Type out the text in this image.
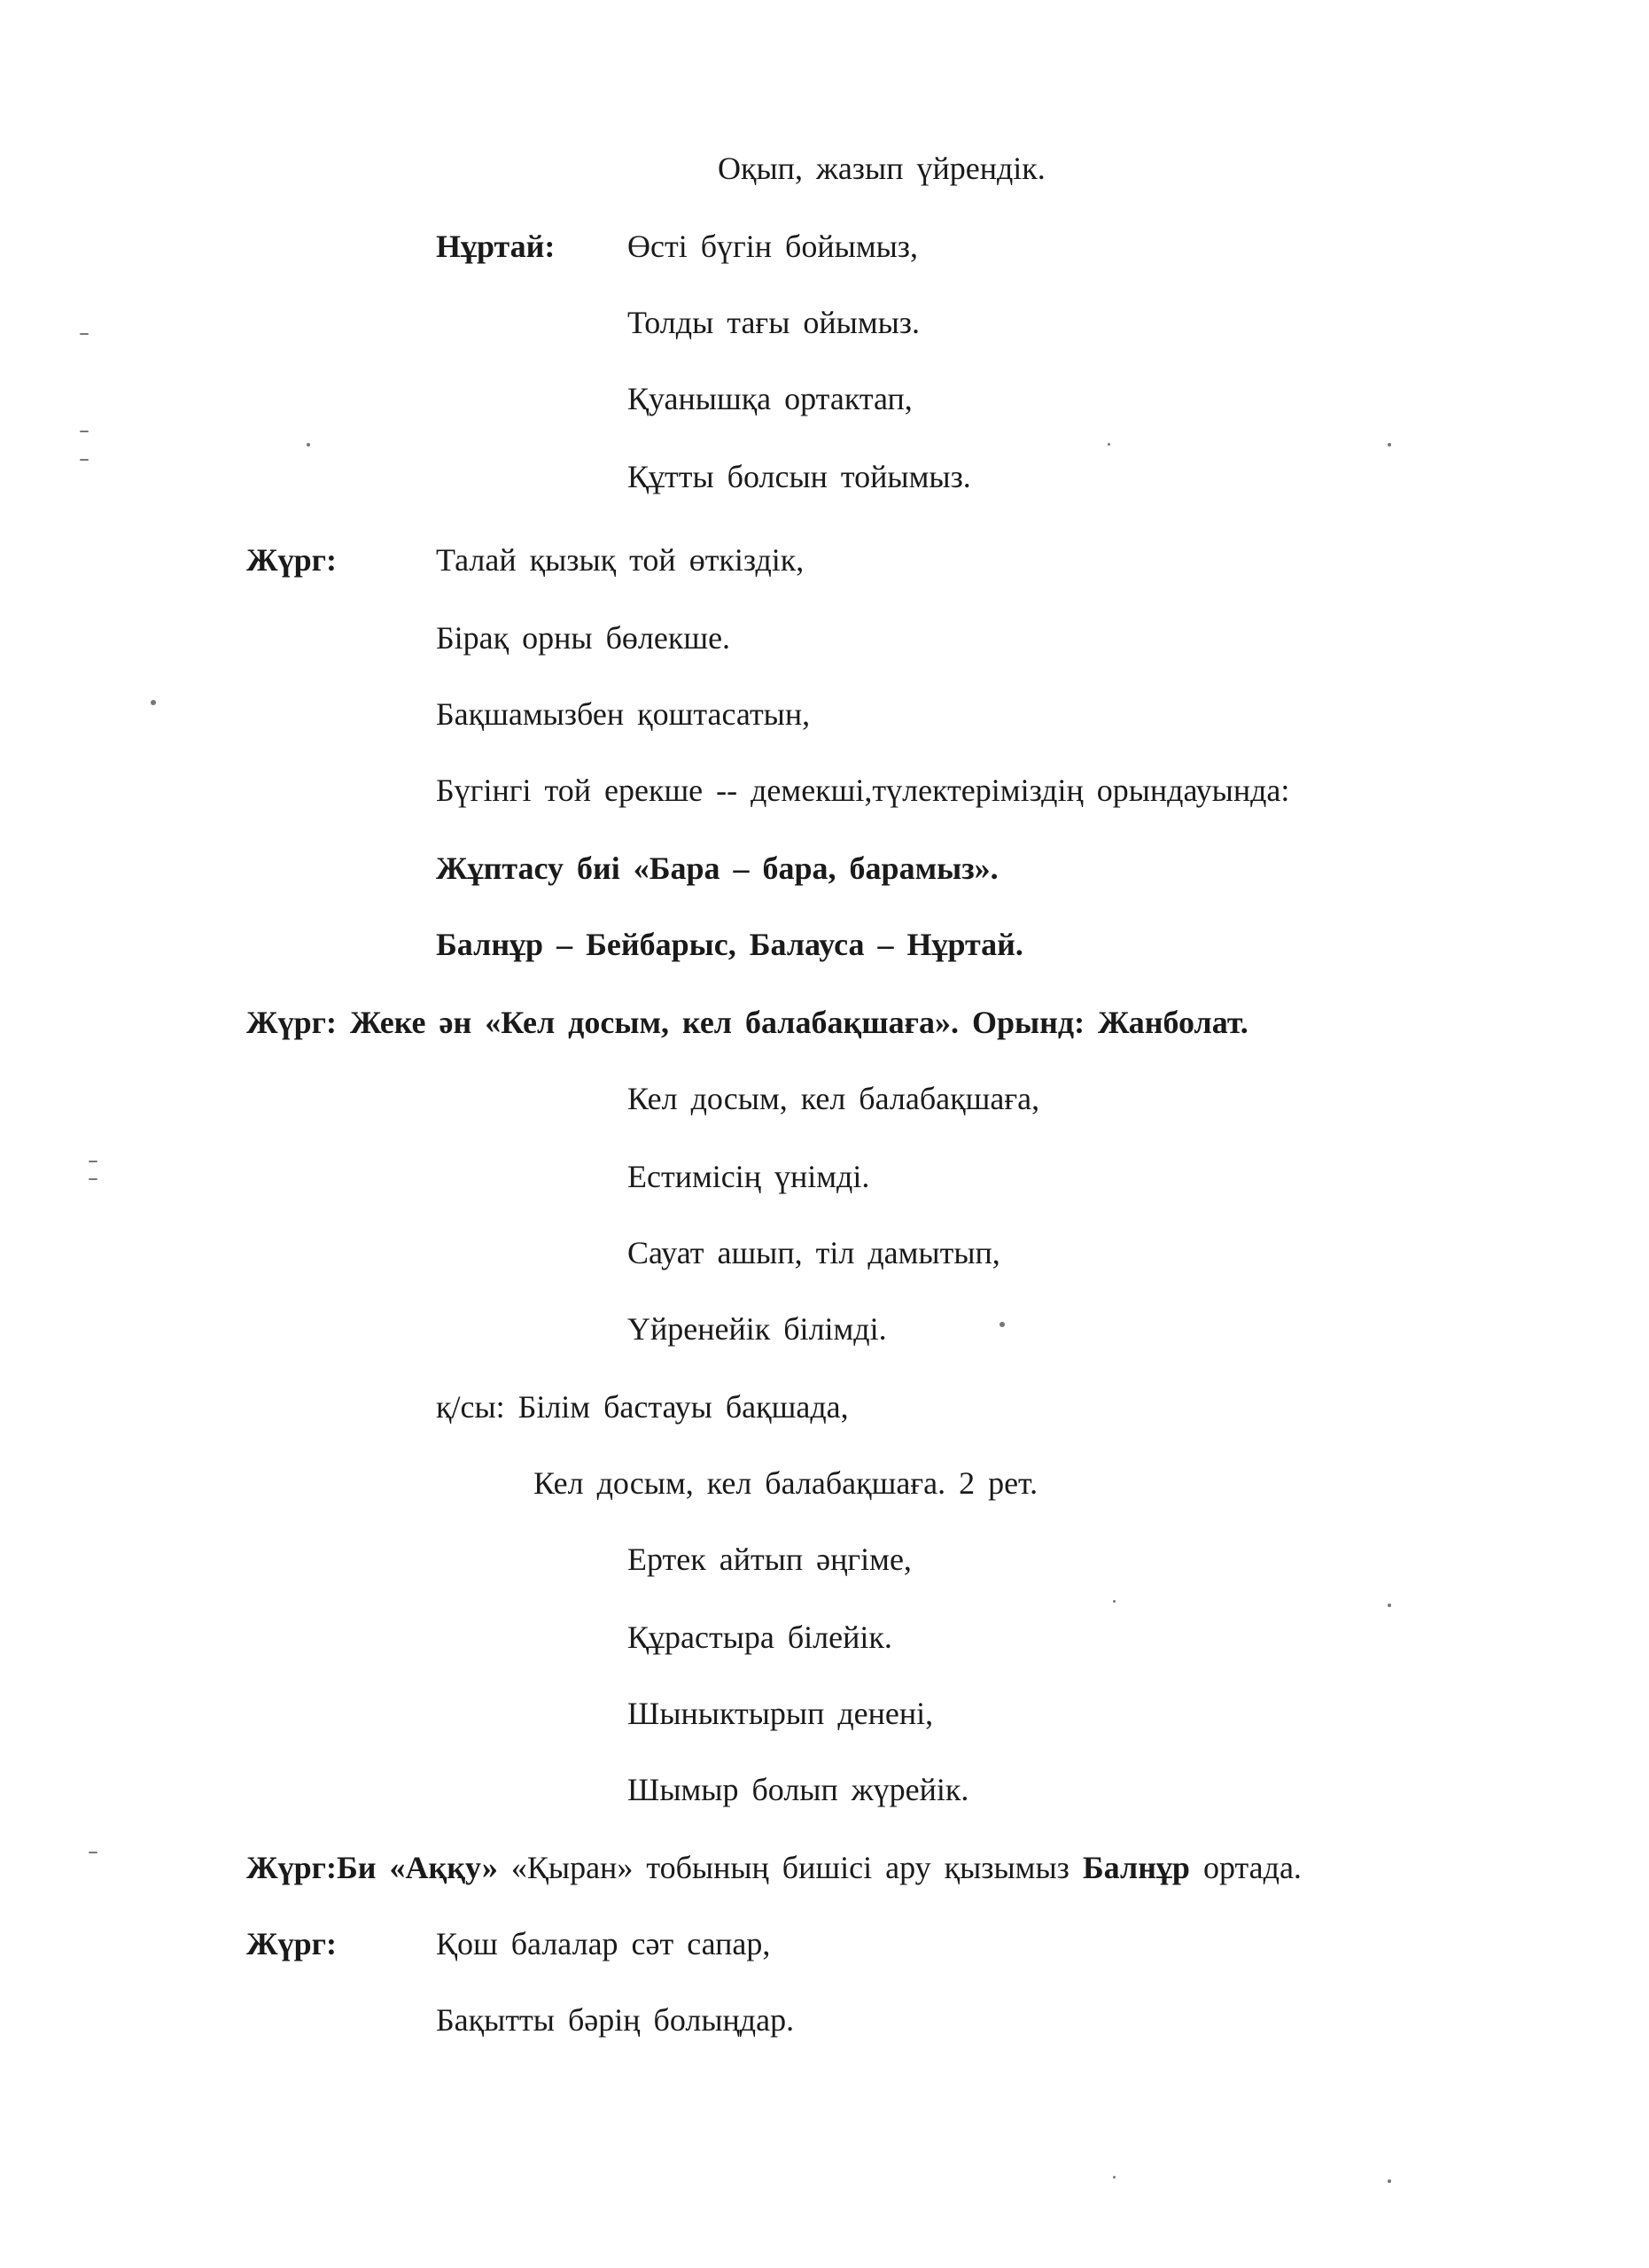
Оқып, жазып үйрендік.

Нұртай: Өсті бүгін бойымыз,

Толды тағы ойымыз.

Қуанышқа ортактап,

Құтты болсын тойымыз.

Жүрг:	Талай қызық той өткіздік,

Бірақ орны бөлекше.

Бақшамызбен қоштасатын,

Бүгінгі той ерекше -- демекші,түлектеріміздің орындауында:

Жұптасу биі «Бара – бара, барамыз».

Балнұр – Бейбарыс, Балауса – Нұртай.

Жүрг: Жеке ән «Кел досым, кел балабақшаға». Орынд: Жанболат.

Кел досым, кел балабақшаға,

Естимісің үнімді.

Сауат ашып, тіл дамытып,

Үйренейік білімді.

қ/сы: Білім бастауы бақшада,

Кел досым, кел балабақшаға. 2 рет.

Ертек айтып әңгіме,

Құрастыра білейік.

Шыныктырып денені,

Шымыр болып жүрейік.

Жүрг:Би «Аққу» «Қыран» тобының бишісі ару қызымыз Балнұр ортада.

Жүрг:	Қош балалар сәт сапар,

Бақытты бәрің болыңдар.
